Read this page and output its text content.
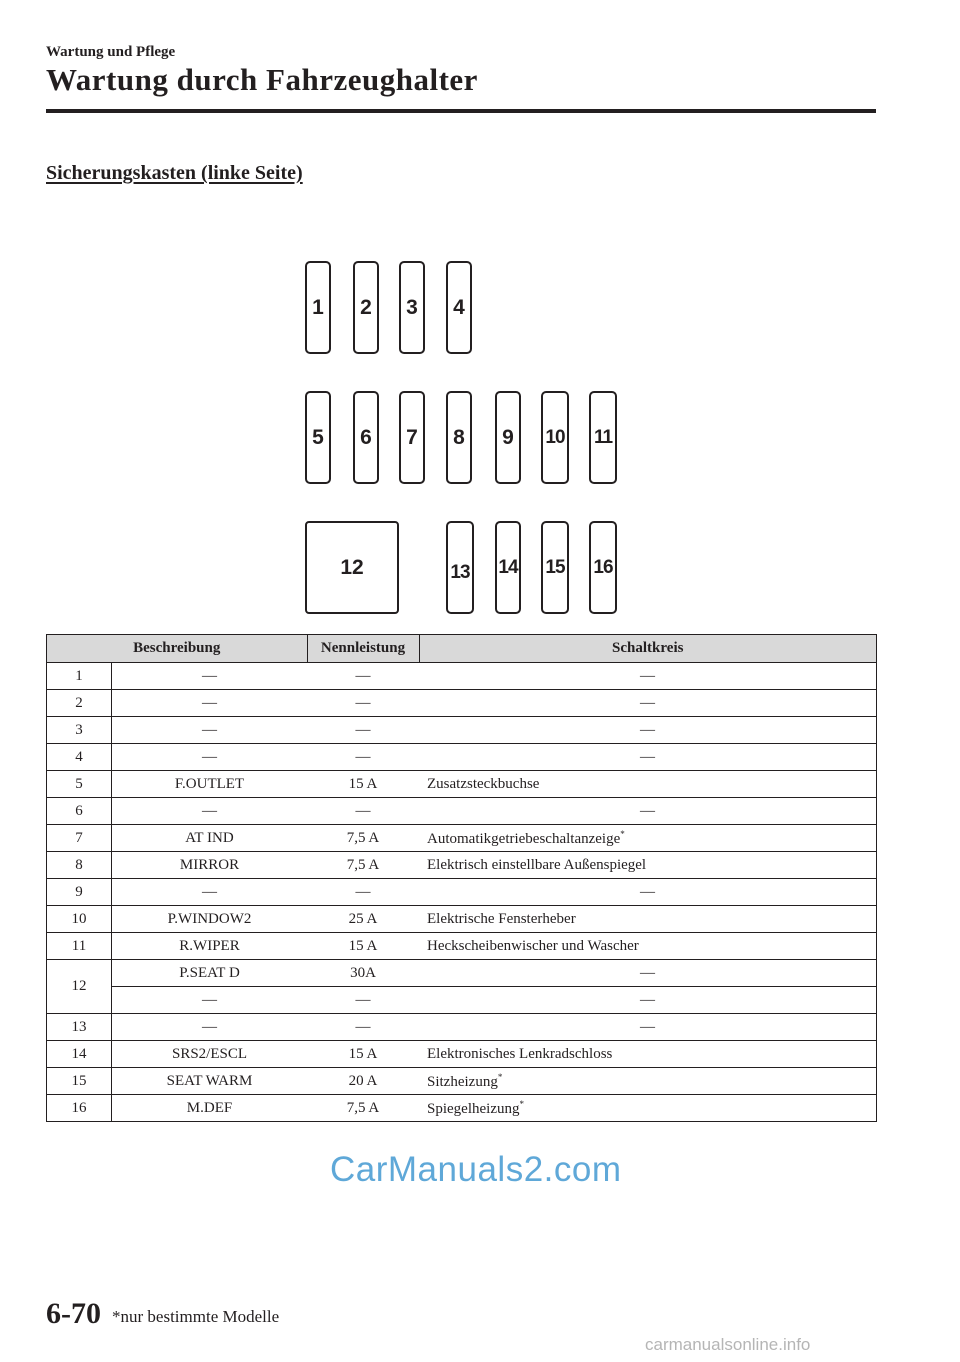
Wartung und Pflege
Wartung durch Fahrzeughalter
Sicherungskasten (linke Seite)
1 2 3 4
5 6 7 8 9 10 11
12	13 14 15 16
Beschreibung		Nennleistung	Schaltkreis
1	—	—	—
2	—	—	—
3	—	—	—
4	—	—	—
5	F.OUTLET	15 A	Zusatzsteckbuchse
6	—	—	—
7	AT IND	7,5 A	Automatikgetriebeschaltanzeige*
8	MIRROR	7,5 A	Elektrisch einstellbare Außenspiegel
9	—	—	—
10	P.WINDOW2	25 A	Elektrische Fensterheber
11	R.WIPER	15 A	Heckscheibenwischer und Wascher
12	P.SEAT D	30A	—
	—	—	—
13	—	—	—
14	SRS2/ESCL	15 A	Elektronisches Lenkradschloss
15	SEAT WARM	20 A	Sitzheizung*
16	M.DEF	7,5 A	Spiegelheizung*
CarManuals2.com
6-70 *nur bestimmte Modelle
carmanualsonline.info
